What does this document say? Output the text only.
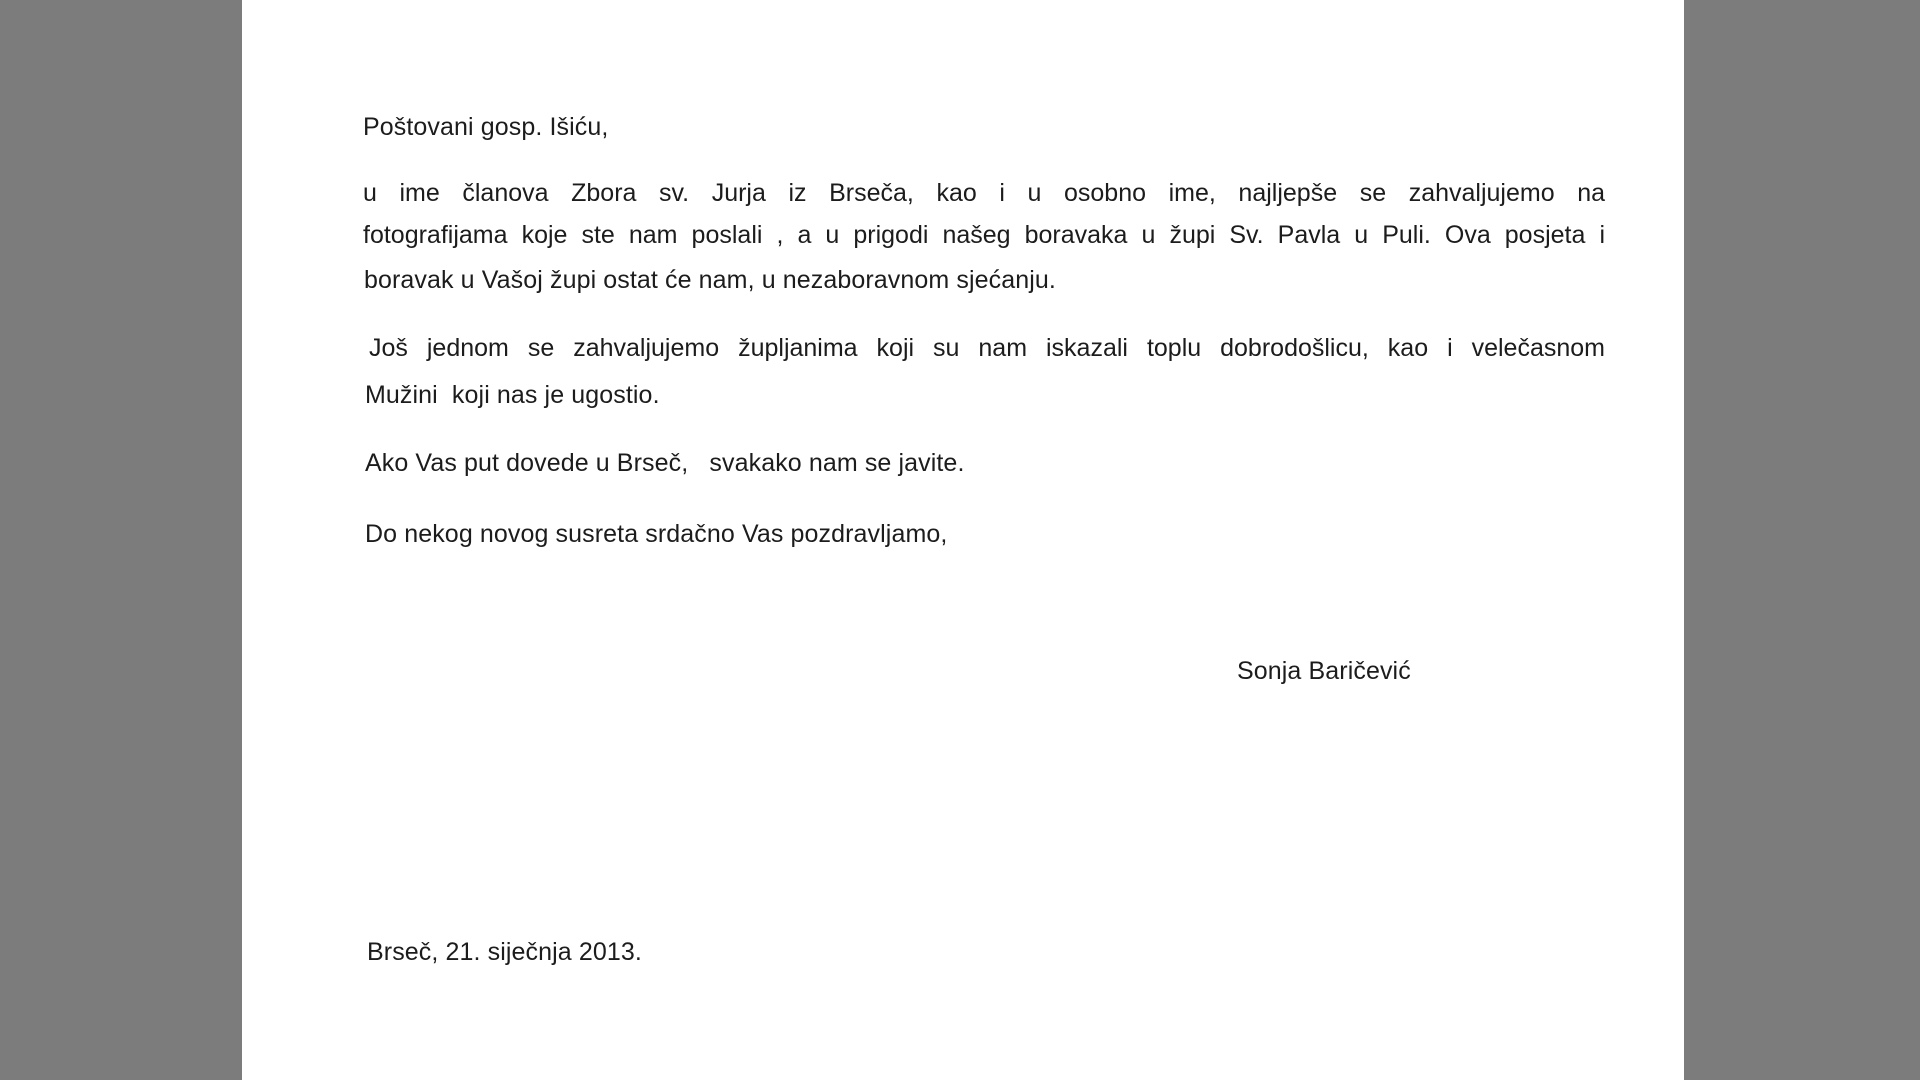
Poštovani gosp. Išiću,
u ime članova Zbora sv. Jurja iz Brseča, kao i u osobno ime, najljepše se zahvaljujemo na
fotografijama koje ste nam poslali , a u prigodi našeg boravaka u župi Sv. Pavla u Puli. Ova posjeta i
boravak u Vašoj župi ostat će nam, u nezaboravnom sjećanju.
Još jednom se zahvaljujemo župljanima koji su nam iskazali toplu dobrodošlicu, kao i velečasnom
Mužini  koji nas je ugostio.
Ako Vas put dovede u Brseč,   svakako nam se javite.
Do nekog novog susreta srdačno Vas pozdravljamo,
Sonja Baričević
Brseč, 21. siječnja 2013.
